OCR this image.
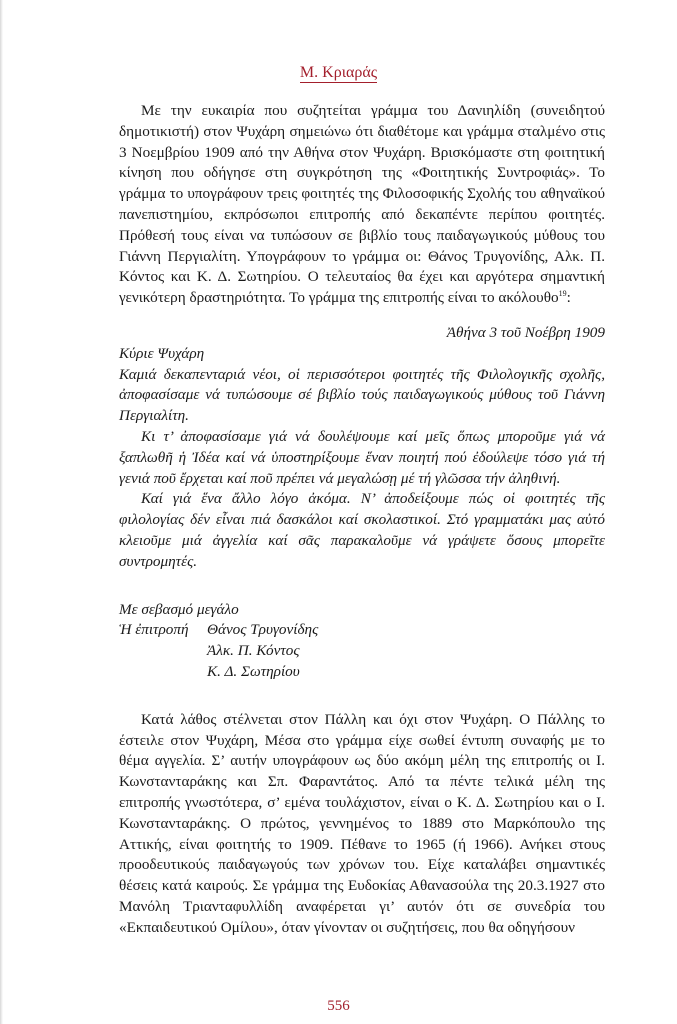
Μ. Κριαράς

Με την ευκαιρία που συζητείται γράμμα του Δανιηλίδη (συνειδητού δημοτικιστή) στον Ψυχάρη σημειώνω ότι διαθέτομε και γράμμα σταλμένο στις 3 Νοεμβρίου 1909 από την Αθήνα στον Ψυχάρη. Βρισκόμαστε στη φοιτητική κίνηση που οδήγησε στη συγκρότηση της «Φοιτητικής Συντροφιάς». Το γράμμα το υπογράφουν τρεις φοιτητές της Φιλοσοφικής Σχολής του αθηναϊκού πανεπιστημίου, εκπρόσωποι επιτροπής από δεκαπέντε περίπου φοιτητές. Πρόθεσή τους είναι να τυπώσουν σε βιβλίο τους παιδαγωγικούς μύθους του Γιάννη Περγιαλίτη. Υπογράφουν το γράμμα οι: Θάνος Τρυγονίδης, Αλκ. Π. Κόντος και Κ. Δ. Σωτηρίου. Ο τελευταίος θα έχει και αργότερα σημαντική γενικότερη δραστηριότητα. Το γράμμα της επιτροπής είναι το ακόλουθο$^{19}$:

Ἀθήνα 3 τοῦ Νοέβρη 1909

Κύριε Ψυχάρη

Καμιά δεκαπενταριά νέοι, οἱ περισσότεροι φοιτητές τῆς Φιλολογικῆς σχολῆς, ἀποφασίσαμε νά τυπώσουμε σέ βιβλίο τούς παιδαγωγικούς μύθους τοῦ Γιάννη Περγιαλίτη.

Κι τ’ ἀποφασίσαμε γιά νά δουλέψουμε καί μεῖς ὅπως μποροῦμε γιά νά ξαπλωθῆ ἡ Ἰδέα καί νά ὑποστηρίξουμε ἕναν ποιητή πού ἐδούλεψε τόσο γιά τή γενιά ποῦ ἔρχεται καί ποῦ πρέπει νά μεγαλώσῃ μέ τή γλῶσσα τήν ἀληθινή.

Καί γιά ἕνα ἄλλο λόγο ἀκόμα. Ν’ ἀποδείξουμε πώς οἱ φοιτητές τῆς φιλολογίας δέν εἶναι πιά δασκάλοι καί σκολαστικοί. Στό γραμματάκι μας αὐτό κλειοῦμε μιά ἀγγελία καί σᾶς παρακαλοῦμε νά γράψετε ὅσους μπορεῖτε συντρομητές.

Με σεβασμό μεγάλο

Ἡ ἐπιτροπή	Θάνος Τρυγονίδης
Ἀλκ. Π. Κόντος
Κ. Δ. Σωτηρίου

Κατά λάθος στέλνεται στον Πάλλη και όχι στον Ψυχάρη. Ο Πάλλης το έστειλε στον Ψυχάρη, Μέσα στο γράμμα είχε σωθεί έντυπη συναφής με το θέμα αγγελία. Σ’ αυτήν υπογράφουν ως δύο ακόμη μέλη της επιτροπής οι Ι. Κωνστανταράκης και Σπ. Φαραντάτος. Από τα πέντε τελικά μέλη της επιτροπής γνωστότερα, σ’ εμένα τουλάχιστον, είναι ο Κ. Δ. Σωτηρίου και ο Ι. Κωνστανταράκης. Ο πρώτος, γεννημένος το 1889 στο Μαρκόπουλο της Αττικής, είναι φοιτητής το 1909. Πέθανε το 1965 (ή 1966). Ανήκει στους προοδευτικούς παιδαγωγούς των χρόνων του. Είχε καταλάβει σημαντικές θέσεις κατά καιρούς. Σε γράμμα της Ευδοκίας Αθανασούλα της 20.3.1927 στο Μανόλη Τριανταφυλλίδη αναφέρεται γι’ αυτόν ότι σε συνεδρία του «Εκπαιδευτικού Ομίλου», όταν γίνονταν οι συζητήσεις, που θα οδηγήσουν

556
